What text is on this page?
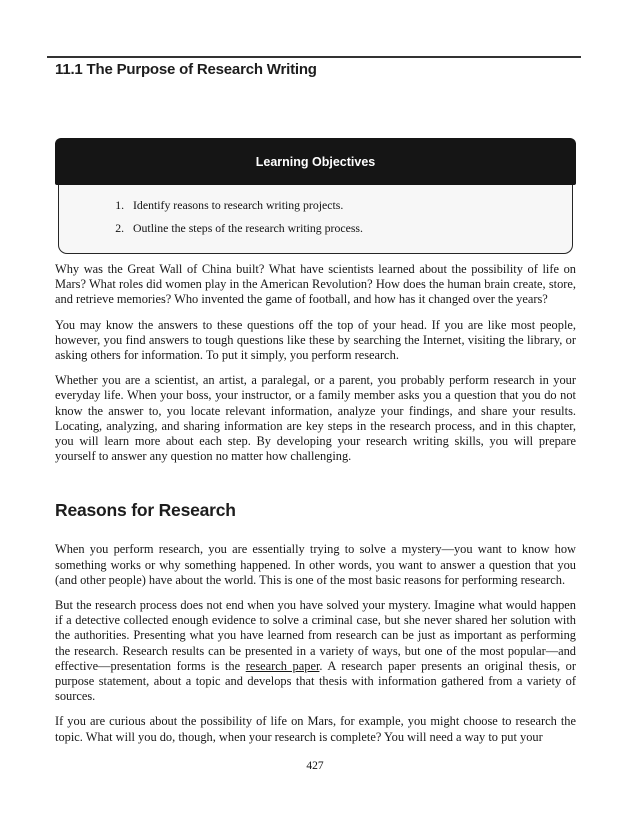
11.1 The Purpose of Research Writing
Learning Objectives
1. Identify reasons to research writing projects.
2. Outline the steps of the research writing process.

Why was the Great Wall of China built? What have scientists learned about the possibility of life on Mars? What roles did women play in the American Revolution? How does the human brain create, store, and retrieve memories? Who invented the game of football, and how has it changed over the years?

You may know the answers to these questions off the top of your head. If you are like most people, however, you find answers to tough questions like these by searching the Internet, visiting the library, or asking others for information. To put it simply, you perform research.

Whether you are a scientist, an artist, a paralegal, or a parent, you probably perform research in your everyday life. When your boss, your instructor, or a family member asks you a question that you do not know the answer to, you locate relevant information, analyze your findings, and share your results. Locating, analyzing, and sharing information are key steps in the research process, and in this chapter, you will learn more about each step. By developing your research writing skills, you will prepare yourself to answer any question no matter how challenging.

Reasons for Research

When you perform research, you are essentially trying to solve a mystery—you want to know how something works or why something happened. In other words, you want to answer a question that you (and other people) have about the world. This is one of the most basic reasons for performing research.

But the research process does not end when you have solved your mystery. Imagine what would happen if a detective collected enough evidence to solve a criminal case, but she never shared her solution with the authorities. Presenting what you have learned from research can be just as important as performing the research. Research results can be presented in a variety of ways, but one of the most popular—and effective—presentation forms is the research paper. A research paper presents an original thesis, or purpose statement, about a topic and develops that thesis with information gathered from a variety of sources.

If you are curious about the possibility of life on Mars, for example, you might choose to research the topic. What will you do, though, when your research is complete? You will need a way to put your

427
